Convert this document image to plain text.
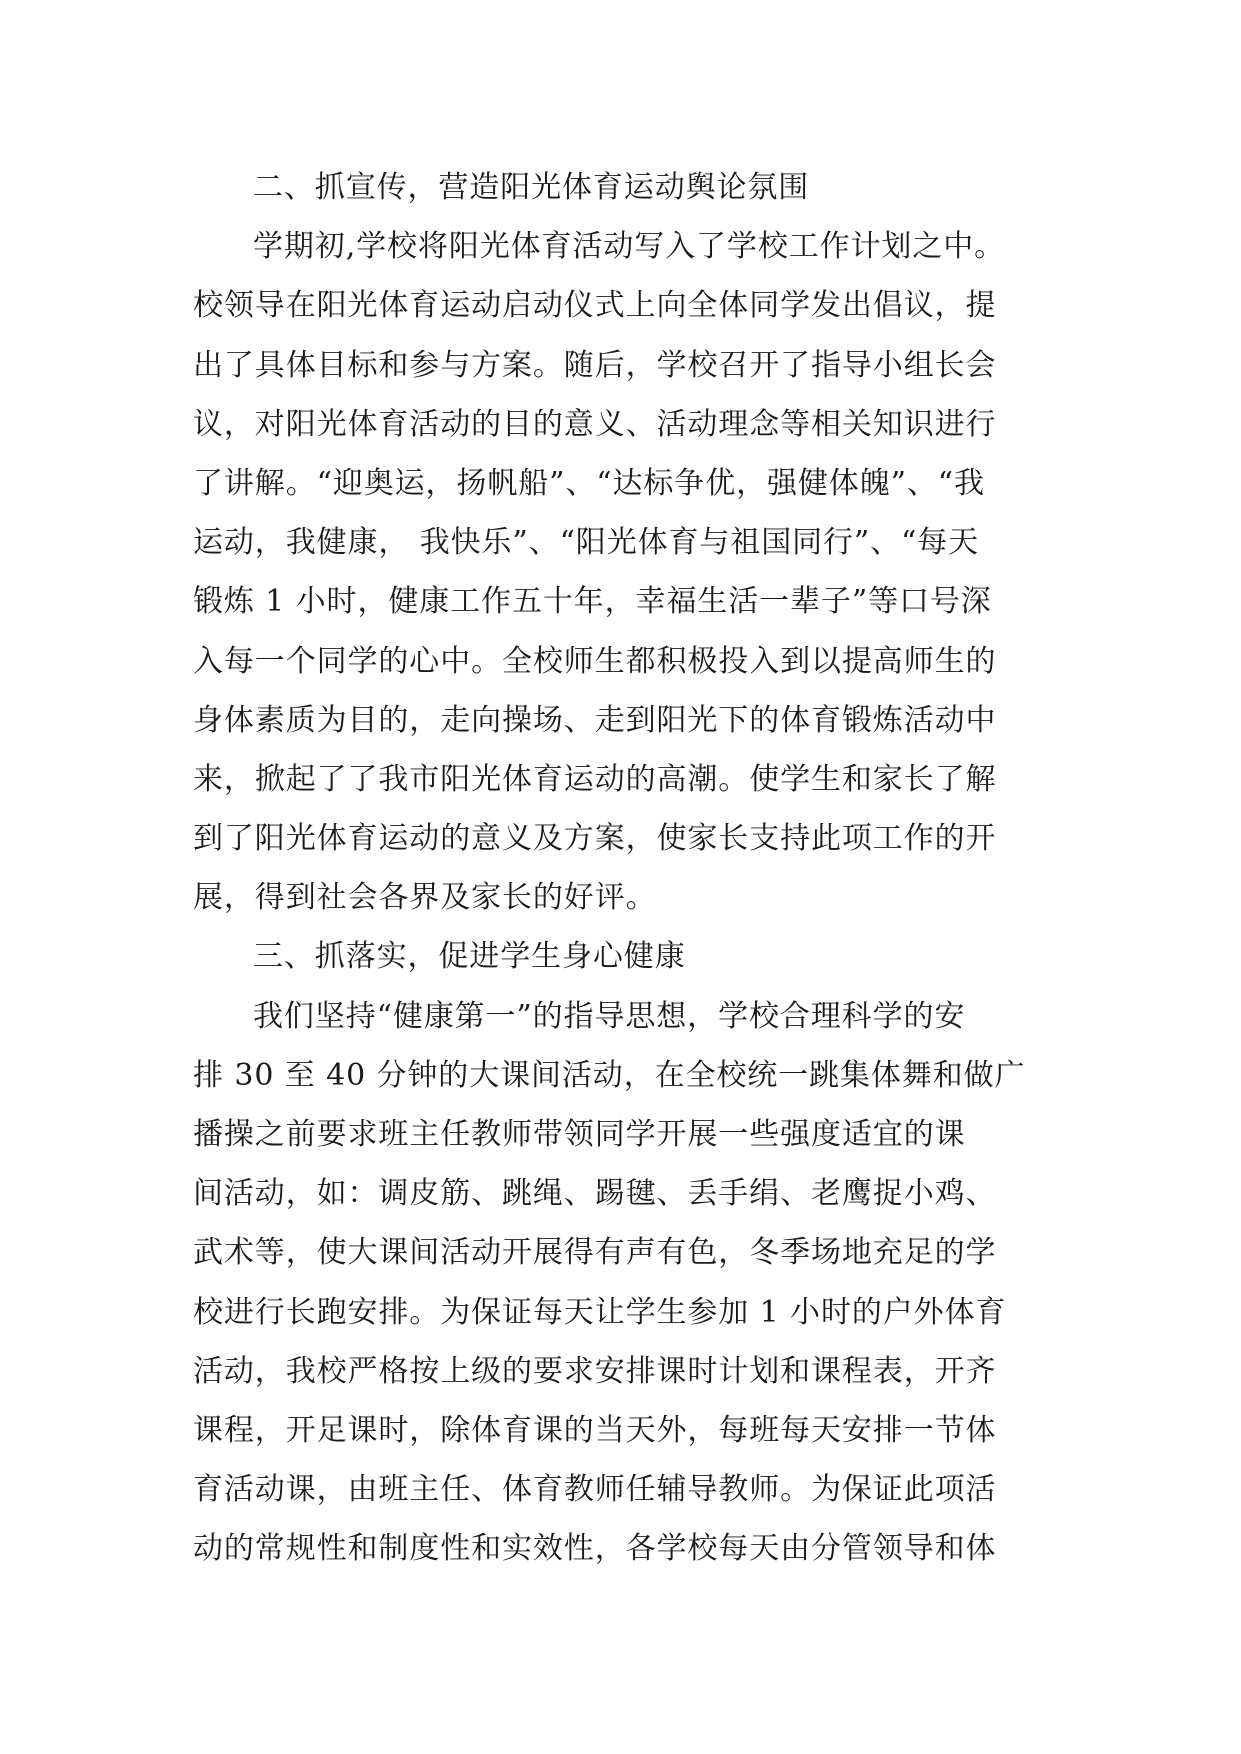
二、抓宣传，营造阳光体育运动舆论氛围
学期初,学校将阳光体育活动写入了学校工作计划之中。
校领导在阳光体育运动启动仪式上向全体同学发出倡议，提
出了具体目标和参与方案。随后，学校召开了指导小组长会
议，对阳光体育活动的目的意义、活动理念等相关知识进行
了讲解。“迎奥运，扬帆船”、“达标争优，强健体魄”、“我
运动，我健康， 我快乐”、“阳光体育与祖国同行”、“每天
锻炼 1 小时，健康工作五十年，幸福生活一辈子”等口号深
入每一个同学的心中。全校师生都积极投入到以提高师生的
身体素质为目的，走向操场、走到阳光下的体育锻炼活动中
来，掀起了了我市阳光体育运动的高潮。使学生和家长了解
到了阳光体育运动的意义及方案，使家长支持此项工作的开
展，得到社会各界及家长的好评。
三、抓落实，促进学生身心健康
我们坚持“健康第一”的指导思想，学校合理科学的安
排 30 至 40 分钟的大课间活动，在全校统一跳集体舞和做广
播操之前要求班主任教师带领同学开展一些强度适宜的课
间活动，如：调皮筋、跳绳、踢毽、丢手绢、老鹰捉小鸡、
武术等，使大课间活动开展得有声有色，冬季场地充足的学
校进行长跑安排。为保证每天让学生参加 1 小时的户外体育
活动，我校严格按上级的要求安排课时计划和课程表，开齐
课程，开足课时，除体育课的当天外，每班每天安排一节体
育活动课，由班主任、体育教师任辅导教师。为保证此项活
动的常规性和制度性和实效性，各学校每天由分管领导和体
